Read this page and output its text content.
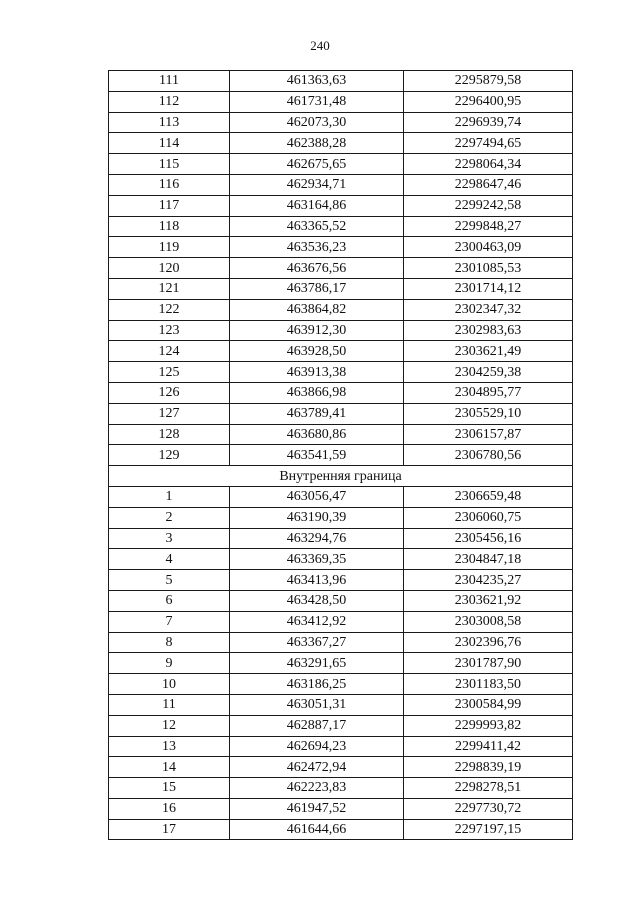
240
111	461363,63	2295879,58
112	461731,48	2296400,95
113	462073,30	2296939,74
114	462388,28	2297494,65
115	462675,65	2298064,34
116	462934,71	2298647,46
117	463164,86	2299242,58
118	463365,52	2299848,27
119	463536,23	2300463,09
120	463676,56	2301085,53
121	463786,17	2301714,12
122	463864,82	2302347,32
123	463912,30	2302983,63
124	463928,50	2303621,49
125	463913,38	2304259,38
126	463866,98	2304895,77
127	463789,41	2305529,10
128	463680,86	2306157,87
129	463541,59	2306780,56
Внутренняя граница		
1	463056,47	2306659,48
2	463190,39	2306060,75
3	463294,76	2305456,16
4	463369,35	2304847,18
5	463413,96	2304235,27
6	463428,50	2303621,92
7	463412,92	2303008,58
8	463367,27	2302396,76
9	463291,65	2301787,90
10	463186,25	2301183,50
11	463051,31	2300584,99
12	462887,17	2299993,82
13	462694,23	2299411,42
14	462472,94	2298839,19
15	462223,83	2298278,51
16	461947,52	2297730,72
17	461644,66	2297197,15
